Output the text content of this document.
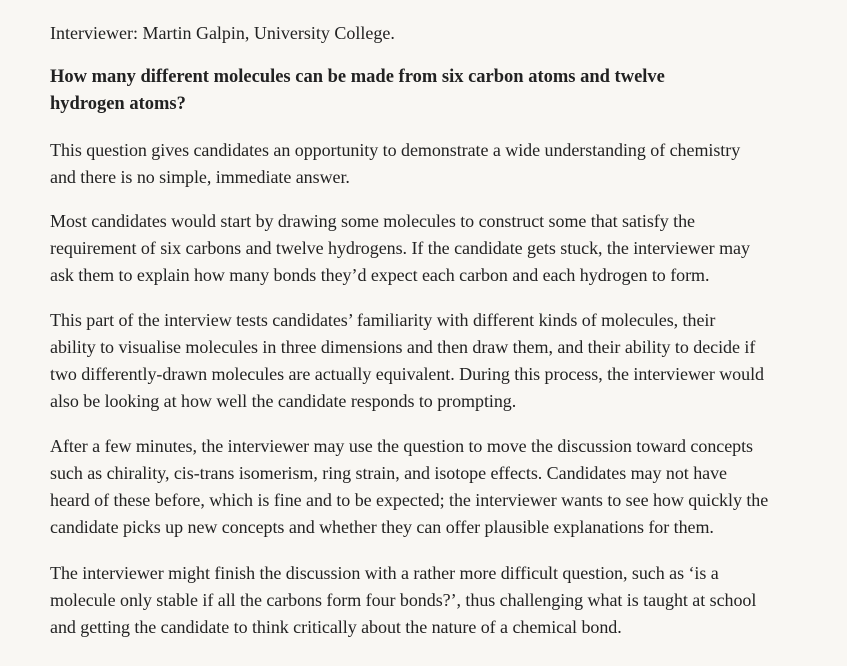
Interviewer: Martin Galpin, University College.

How many different molecules can be made from six carbon atoms and twelve
hydrogen atoms?

This question gives candidates an opportunity to demonstrate a wide understanding of chemistry
and there is no simple, immediate answer.

Most candidates would start by drawing some molecules to construct some that satisfy the
requirement of six carbons and twelve hydrogens. If the candidate gets stuck, the interviewer may
ask them to explain how many bonds they’d expect each carbon and each hydrogen to form.

This part of the interview tests candidates’ familiarity with different kinds of molecules, their
ability to visualise molecules in three dimensions and then draw them, and their ability to decide if
two differently-drawn molecules are actually equivalent. During this process, the interviewer would
also be looking at how well the candidate responds to prompting.

After a few minutes, the interviewer may use the question to move the discussion toward concepts
such as chirality, cis-trans isomerism, ring strain, and isotope effects. Candidates may not have
heard of these before, which is fine and to be expected; the interviewer wants to see how quickly the
candidate picks up new concepts and whether they can offer plausible explanations for them.

The interviewer might finish the discussion with a rather more difficult question, such as ‘is a
molecule only stable if all the carbons form four bonds?’, thus challenging what is taught at school
and getting the candidate to think critically about the nature of a chemical bond.
